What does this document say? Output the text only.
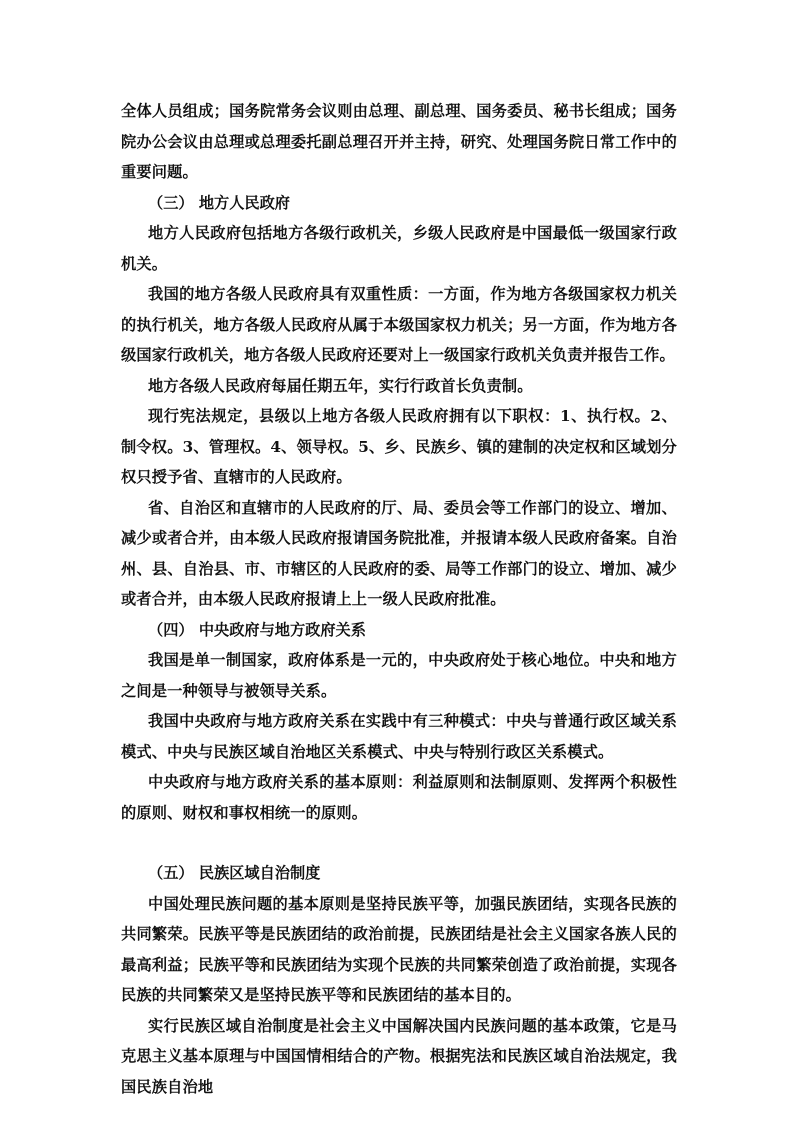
全体人员组成；国务院常务会议则由总理、副总理、国务委员、秘书长组成；国务院办公会议由总理或总理委托副总理召开并主持，研究、处理国务院日常工作中的重要问题。

（三） 地方人民政府

地方人民政府包括地方各级行政机关，乡级人民政府是中国最低一级国家行政机关。

我国的地方各级人民政府具有双重性质：一方面，作为地方各级国家权力机关的执行机关，地方各级人民政府从属于本级国家权力机关；另一方面，作为地方各级国家行政机关，地方各级人民政府还要对上一级国家行政机关负责并报告工作。

地方各级人民政府每届任期五年，实行行政首长负责制。

现行宪法规定，县级以上地方各级人民政府拥有以下职权：1、执行权。2、制令权。3、管理权。4、领导权。5、乡、民族乡、镇的建制的决定权和区域划分权只授予省、直辖市的人民政府。

省、自治区和直辖市的人民政府的厅、局、委员会等工作部门的设立、增加、减少或者合并，由本级人民政府报请国务院批准，并报请本级人民政府备案。自治州、县、自治县、市、市辖区的人民政府的委、局等工作部门的设立、增加、减少或者合并，由本级人民政府报请上上一级人民政府批准。

（四） 中央政府与地方政府关系

我国是单一制国家，政府体系是一元的，中央政府处于核心地位。中央和地方之间是一种领导与被领导关系。

我国中央政府与地方政府关系在实践中有三种模式：中央与普通行政区域关系模式、中央与民族区域自治地区关系模式、中央与特别行政区关系模式。

中央政府与地方政府关系的基本原则：利益原则和法制原则、发挥两个积极性的原则、财权和事权相统一的原则。

（五） 民族区域自治制度

中国处理民族问题的基本原则是坚持民族平等，加强民族团结，实现各民族的共同繁荣。民族平等是民族团结的政治前提，民族团结是社会主义国家各族人民的最高利益；民族平等和民族团结为实现个民族的共同繁荣创造了政治前提，实现各民族的共同繁荣又是坚持民族平等和民族团结的基本目的。

实行民族区域自治制度是社会主义中国解决国内民族问题的基本政策，它是马克思主义基本原理与中国国情相结合的产物。根据宪法和民族区域自治法规定，我国民族自治地
